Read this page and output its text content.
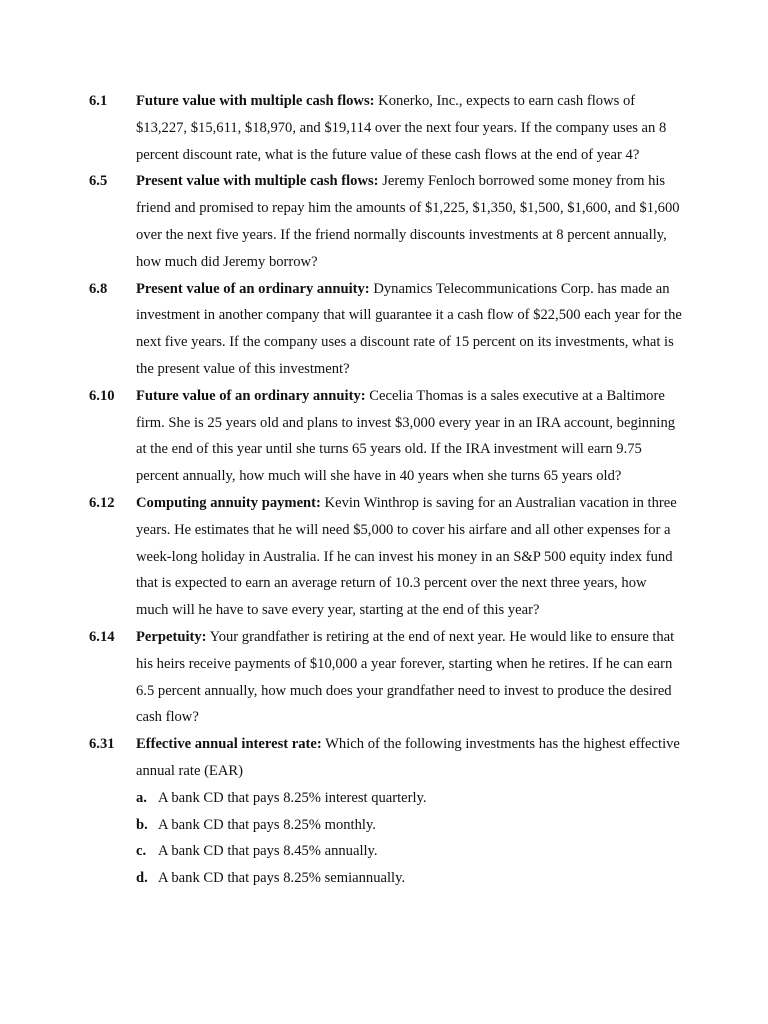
6.1	Future value with multiple cash flows: Konerko, Inc., expects to earn cash flows of $13,227, $15,611, $18,970, and $19,114 over the next four years. If the company uses an 8 percent discount rate, what is the future value of these cash flows at the end of year 4?
6.5	Present value with multiple cash flows: Jeremy Fenloch borrowed some money from his friend and promised to repay him the amounts of $1,225, $1,350, $1,500, $1,600, and $1,600 over the next five years. If the friend normally discounts investments at 8 percent annually, how much did Jeremy borrow?
6.8	Present value of an ordinary annuity: Dynamics Telecommunications Corp. has made an investment in another company that will guarantee it a cash flow of $22,500 each year for the next five years. If the company uses a discount rate of 15 percent on its investments, what is the present value of this investment?
6.10	Future value of an ordinary annuity: Cecelia Thomas is a sales executive at a Baltimore firm. She is 25 years old and plans to invest $3,000 every year in an IRA account, beginning at the end of this year until she turns 65 years old. If the IRA investment will earn 9.75 percent annually, how much will she have in 40 years when she turns 65 years old?
6.12	Computing annuity payment: Kevin Winthrop is saving for an Australian vacation in three years. He estimates that he will need $5,000 to cover his airfare and all other expenses for a week-long holiday in Australia. If he can invest his money in an S&P 500 equity index fund that is expected to earn an average return of 10.3 percent over the next three years, how much will he have to save every year, starting at the end of this year?
6.14	Perpetuity: Your grandfather is retiring at the end of next year. He would like to ensure that his heirs receive payments of $10,000 a year forever, starting when he retires. If he can earn 6.5 percent annually, how much does your grandfather need to invest to produce the desired cash flow?
6.31	Effective annual interest rate: Which of the following investments has the highest effective annual rate (EAR)
a. A bank CD that pays 8.25% interest quarterly.
b. A bank CD that pays 8.25% monthly.
c. A bank CD that pays 8.45% annually.
d. A bank CD that pays 8.25% semiannually.
